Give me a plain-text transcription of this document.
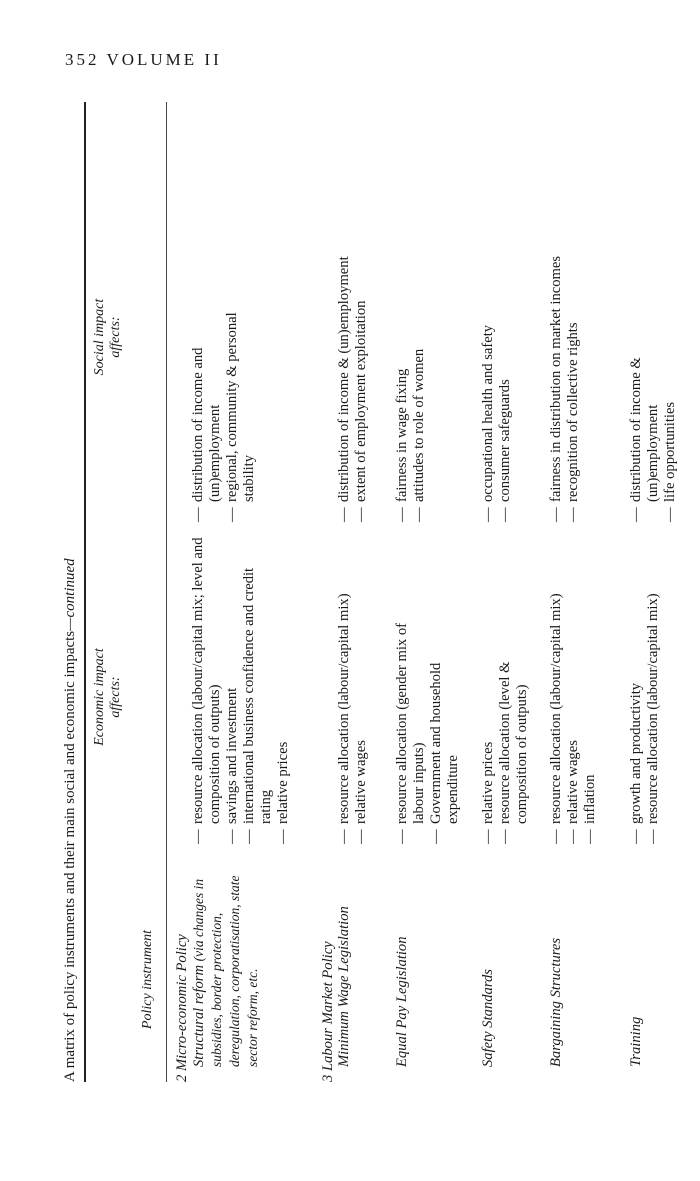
352 VOLUME II
A matrix of policy instruments and their main social and economic impacts—continued
Policy instrument
Economic impact affects:
Social impact affects:
2 Micro-economic Policy Structural reform (via changes in subsidies, border protection, deregulation, corporatisation, state sector reform, etc.
— resource allocation (labour/capital mix; level and composition of outputs) — savings and investment — international business confidence and credit rating — relative prices
— distribution of income and (un)employment — regional, community & personal stability
3 Labour Market Policy Minimum Wage Legislation
— resource allocation (labour/capital mix) — relative wages
— distribution of income & (un)employment — extent of employment exploitation
Equal Pay Legislation
— resource allocation (gender mix of labour inputs) — Government and household expenditure
— fairness in wage fixing — attitudes to role of women
Safety Standards
— relative prices — resource allocation (level & composition of outputs)
— occupational health and safety — consumer safeguards
Bargaining Structures
— resource allocation (labour/capital mix) — relative wages — inflation
— fairness in distribution on market incomes — recognition of collective rights
Training
— growth and productivity — resource allocation (labour/capital mix)
— distribution of income & (un)employment — life opportunities
